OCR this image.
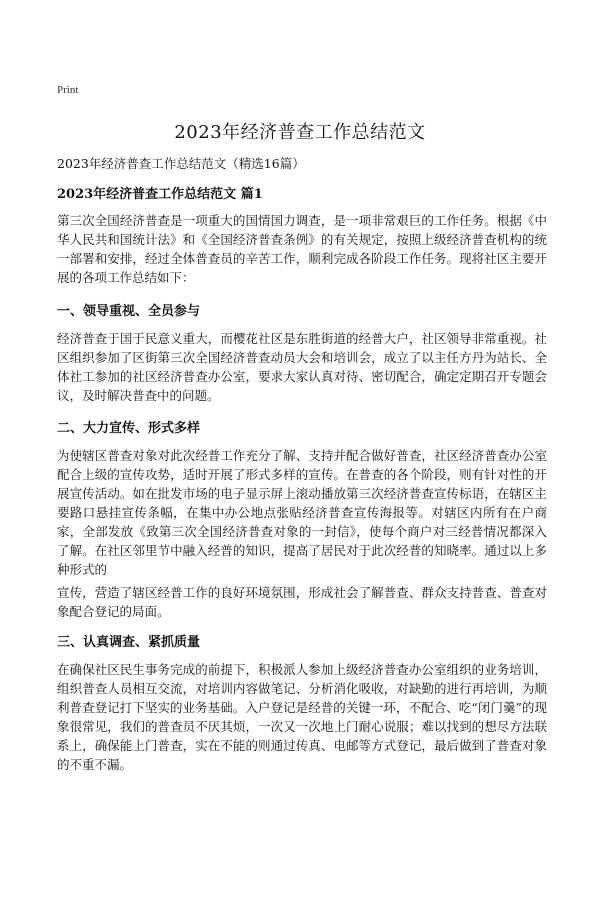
Print
2023年经济普查工作总结范文

2023年经济普查工作总结范文（精选16篇）

2023年经济普查工作总结范文 篇1

第三次全国经济普查是一项重大的国情国力调查，是一项非常艰巨的工作任务。根据《中华人民共和国统计法》和《全国经济普查条例》的有关规定，按照上级经济普查机构的统一部署和安排，经过全体普查员的辛苦工作，顺利完成各阶段工作任务。现将社区主要开展的各项工作总结如下：

一、领导重视、全员参与

经济普查于国于民意义重大，而樱花社区是东胜街道的经普大户，社区领导非常重视。社区组织参加了区街第三次全国经济普查动员大会和培训会，成立了以主任方丹为站长、全体社工参加的社区经济普查办公室，要求大家认真对待、密切配合，确定定期召开专题会议，及时解决普查中的问题。

二、大力宣传、形式多样

为使辖区普查对象对此次经普工作充分了解、支持并配合做好普查，社区经济普查办公室配合上级的宣传攻势，适时开展了形式多样的宣传。在普查的各个阶段，则有针对性的开展宣传活动。如在批发市场的电子显示屏上滚动播放第三次经济普查宣传标语，在辖区主要路口悬挂宣传条幅，在集中办公地点张贴经济普查宣传海报等。对辖区内所有在户商家，全部发放《致第三次全国经济普查对象的一封信》，使每个商户对三经普情况都深入了解。在社区邻里节中融入经普的知识，提高了居民对于此次经普的知晓率。通过以上多种形式的

宣传，营造了辖区经普工作的良好环境氛围，形成社会了解普查、群众支持普查、普查对象配合登记的局面。

三、认真调查、紧抓质量

在确保社区民生事务完成的前提下，积极派人参加上级经济普查办公室组织的业务培训，组织普查人员相互交流，对培训内容做笔记、分析消化吸收，对缺勤的进行再培训，为顺利普查登记打下坚实的业务基础。入户登记是经普的关键一环，不配合、吃“闭门羹”的现象很常见，我们的普查员不厌其烦，一次又一次地上门耐心说服；难以找到的想尽方法联系上，确保能上门普查，实在不能的则通过传真、电邮等方式登记，最后做到了普查对象的不重不漏。
